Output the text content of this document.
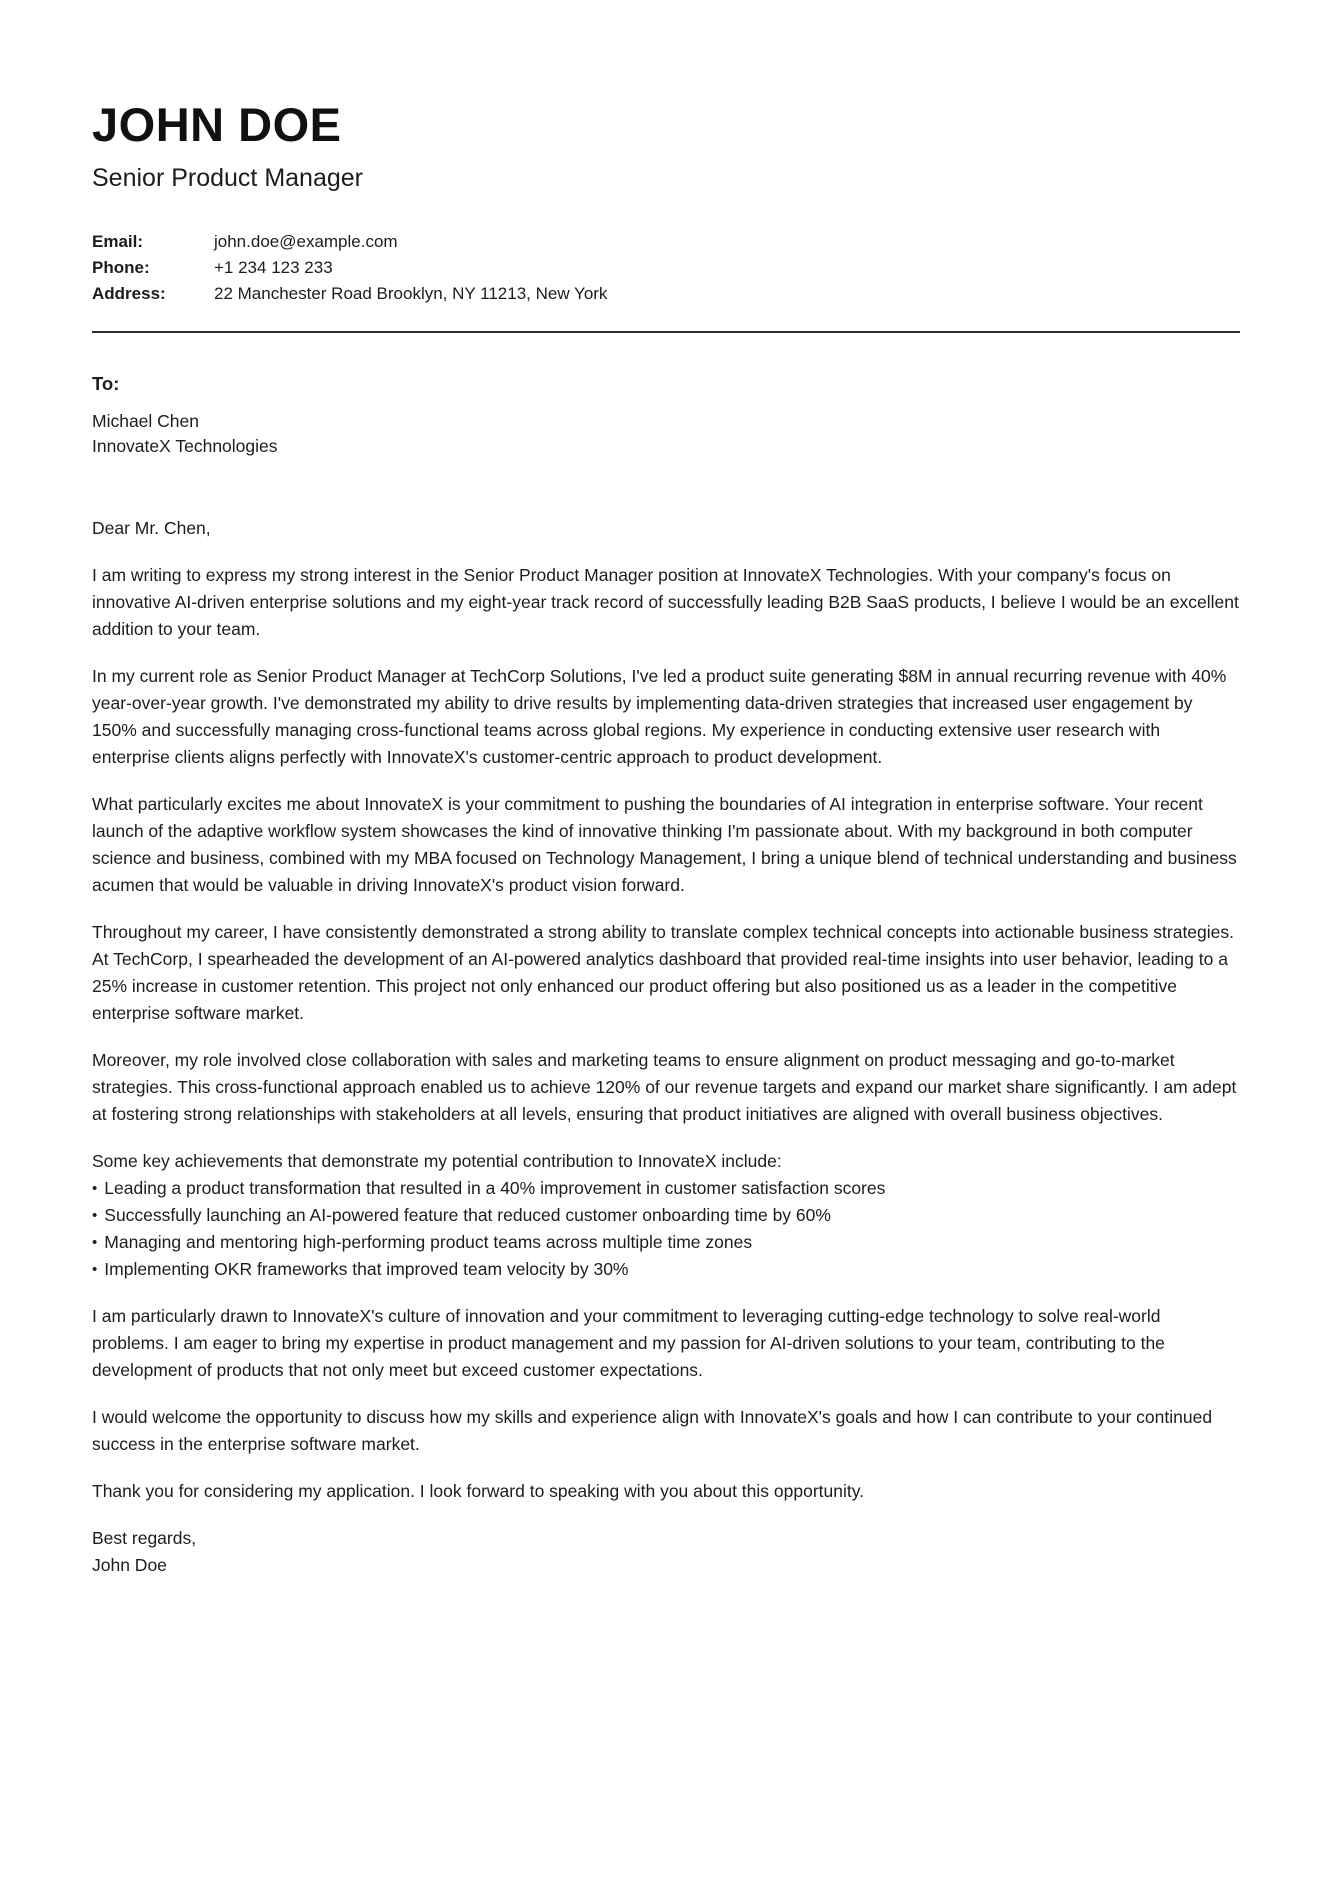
JOHN DOE
Senior Product Manager
Email:	john.doe@example.com
Phone:	+1 234 123 233
Address:	22 Manchester Road Brooklyn, NY 11213, New York
To:
Michael Chen
InnovateX Technologies

Dear Mr. Chen,

I am writing to express my strong interest in the Senior Product Manager position at InnovateX Technologies. With your company's focus on innovative AI-driven enterprise solutions and my eight-year track record of successfully leading B2B SaaS products, I believe I would be an excellent addition to your team.

In my current role as Senior Product Manager at TechCorp Solutions, I've led a product suite generating $8M in annual recurring revenue with 40% year-over-year growth. I've demonstrated my ability to drive results by implementing data-driven strategies that increased user engagement by 150% and successfully managing cross-functional teams across global regions. My experience in conducting extensive user research with enterprise clients aligns perfectly with InnovateX's customer-centric approach to product development.

What particularly excites me about InnovateX is your commitment to pushing the boundaries of AI integration in enterprise software. Your recent launch of the adaptive workflow system showcases the kind of innovative thinking I'm passionate about. With my background in both computer science and business, combined with my MBA focused on Technology Management, I bring a unique blend of technical understanding and business acumen that would be valuable in driving InnovateX's product vision forward.

Throughout my career, I have consistently demonstrated a strong ability to translate complex technical concepts into actionable business strategies. At TechCorp, I spearheaded the development of an AI-powered analytics dashboard that provided real-time insights into user behavior, leading to a 25% increase in customer retention. This project not only enhanced our product offering but also positioned us as a leader in the competitive enterprise software market.

Moreover, my role involved close collaboration with sales and marketing teams to ensure alignment on product messaging and go-to-market strategies. This cross-functional approach enabled us to achieve 120% of our revenue targets and expand our market share significantly. I am adept at fostering strong relationships with stakeholders at all levels, ensuring that product initiatives are aligned with overall business objectives.

Some key achievements that demonstrate my potential contribution to InnovateX include:
• Leading a product transformation that resulted in a 40% improvement in customer satisfaction scores
• Successfully launching an AI-powered feature that reduced customer onboarding time by 60%
• Managing and mentoring high-performing product teams across multiple time zones
• Implementing OKR frameworks that improved team velocity by 30%

I am particularly drawn to InnovateX's culture of innovation and your commitment to leveraging cutting-edge technology to solve real-world problems. I am eager to bring my expertise in product management and my passion for AI-driven solutions to your team, contributing to the development of products that not only meet but exceed customer expectations.

I would welcome the opportunity to discuss how my skills and experience align with InnovateX's goals and how I can contribute to your continued success in the enterprise software market.

Thank you for considering my application. I look forward to speaking with you about this opportunity.

Best regards,
John Doe
